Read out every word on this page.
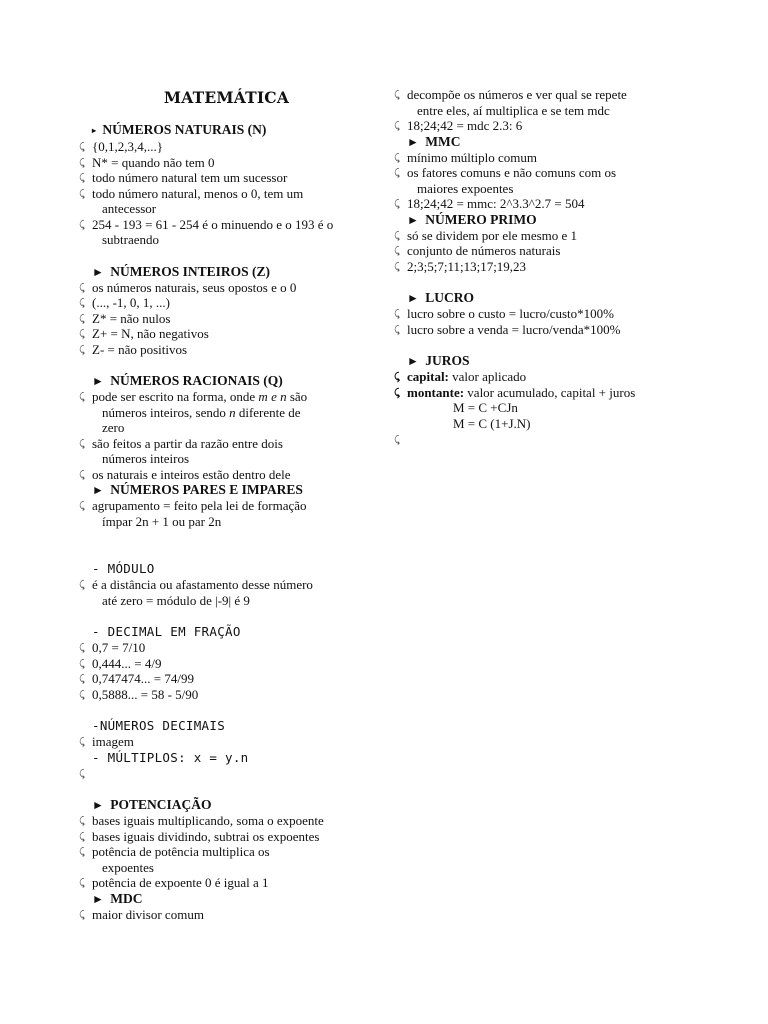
MATEMÁTICA
▸ NÚMEROS NATURAIS (N)
⤹ {0,1,2,3,4,...}
⤹ N* = quando não tem 0
⤹ todo número natural tem um sucessor
⤹ todo número natural, menos o 0, tem um
antecessor
⤹ 254 - 193 = 61 - 254 é o minuendo e o 193 é o
subtraendo
► NÚMEROS INTEIROS (Z)
⤹ os números naturais, seus opostos e o 0
⤹ (..., -1, 0, 1, ...)
⤹ Z* = não nulos
⤹ Z+ = N, não negativos
⤹ Z- = não positivos
► NÚMEROS RACIONAIS (Q)
⤹ pode ser escrito na forma, onde m e n são
números inteiros, sendo n diferente de
zero
⤹ são feitos a partir da razão entre dois
números inteiros
⤹ os naturais e inteiros estão dentro dele
► NÚMEROS PARES E IMPARES
⤹ agrupamento = feito pela lei de formação
ímpar 2n + 1 ou par 2n
- MÓDULO
⤹ é a distância ou afastamento desse número
até zero = módulo de |-9| é 9
- DECIMAL EM FRAÇÃO
⤹ 0,7 = 7/10
⤹ 0,444... = 4/9
⤹ 0,747474... = 74/99
⤹ 0,5888... = 58 - 5/90
-NÚMEROS DECIMAIS
⤹ imagem
- MÚLTIPLOS: x = y.n
⤹

► POTENCIAÇÃO
⤹ bases iguais multiplicando, soma o expoente
⤹ bases iguais dividindo, subtrai os expoentes
⤹ potência de potência multiplica os
expoentes
⤹ potência de expoente 0 é igual a 1
► MDC
⤹ maior divisor comum
⤹ decompõe os números e ver qual se repete
entre eles, aí multiplica e se tem mdc
⤹ 18;24;42 = mdc 2.3: 6
► MMC
⤹ mínimo múltiplo comum
⤹ os fatores comuns e não comuns com os
maiores expoentes
⤹ 18;24;42 = mmc: 2^3.3^2.7 = 504
► NÚMERO PRIMO
⤹ só se dividem por ele mesmo e 1
⤹ conjunto de números naturais
⤹ 2;3;5;7;11;13;17;19,23
► LUCRO
⤹ lucro sobre o custo = lucro/custo*100%
⤹ lucro sobre a venda = lucro/venda*100%
► JUROS
⤹ capital: valor aplicado
⤹ montante: valor acumulado, capital + juros
M = C +CJn
M = C (1+J.N)
⤹
